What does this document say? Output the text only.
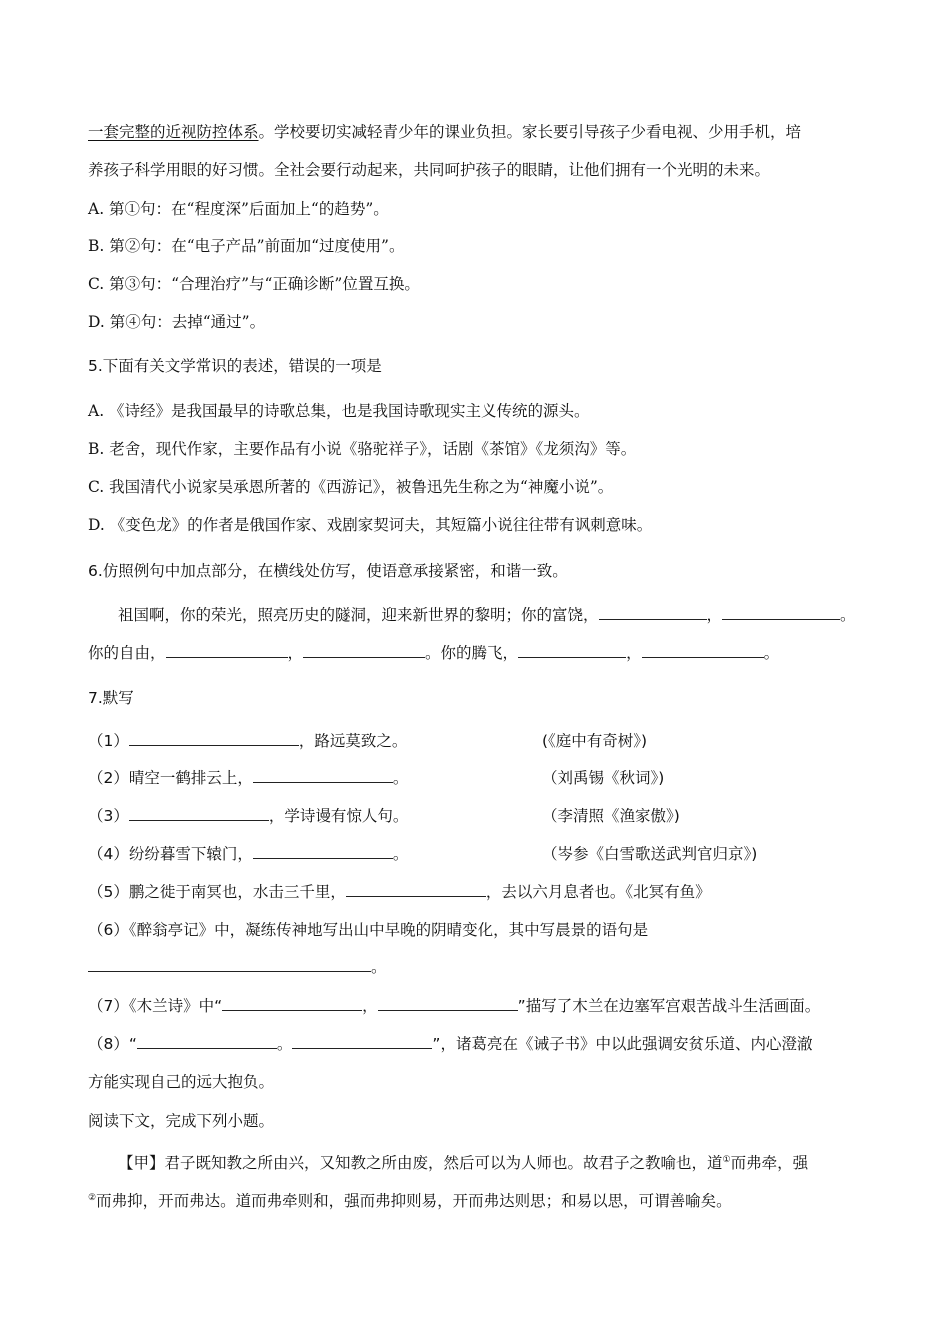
一套完整的近视防控体系。学校要切实减轻青少年的课业负担。家长要引导孩子少看电视、少用手机，培
养孩子科学用眼的好习惯。全社会要行动起来，共同呵护孩子的眼睛，让他们拥有一个光明的未来。
A. 第①句：在“程度深”后面加上“的趋势”。
B. 第②句：在“电子产品”前面加“过度使用”。
C. 第③句：“合理治疗”与“正确诊断”位置互换。
D. 第④句：去掉“通过”。
5.下面有关文学常识的表述，错误的一项是
A. 《诗经》是我国最早的诗歌总集，也是我国诗歌现实主义传统的源头。
B. 老舍，现代作家，主要作品有小说《骆驼祥子》，话剧《茶馆》《龙须沟》等。
C. 我国清代小说家吴承恩所著的《西游记》，被鲁迅先生称之为“神魔小说”。
D. 《变色龙》的作者是俄国作家、戏剧家契诃夫，其短篇小说往往带有讽刺意味。
6.仿照例句中加点部分，在横线处仿写，使语意承接紧密，和谐一致。
祖国啊，你的荣光，照亮历史的隧洞，迎来新世界的黎明；你的富饶，	，	。
你的自由，	，	。你的腾飞，	，	。
7.默写
（1）	，路远莫致之。	(《庭中有奇树》)
（2）晴空一鹤排云上，	。	（刘禹锡《秋词》)
（3）	，学诗谩有惊人句。	（李清照《渔家傲》)
（4）纷纷暮雪下辕门，	。	（岑参《白雪歌送武判官归京》)
（5）鹏之徙于南冥也，水击三千里，	，去以六月息者也。《北冥有鱼》
（6）《醉翁亭记》中，凝练传神地写出山中早晚的阴晴变化，其中写晨景的语句是
。
（7）《木兰诗》中“	，	”描写了木兰在边塞军宫艰苦战斗生活画面。
（8）“	。	”，诸葛亮在《诫子书》中以此强调安贫乐道、内心澄澈
方能实现自己的远大抱负。
阅读下文，完成下列小题。
【甲】君子既知教之所由兴，又知教之所由废，然后可以为人师也。故君子之教喻也，道①而弗牵，强
②而弗抑，开而弗达。道而弗牵则和，强而弗抑则易，开而弗达则思；和易以思，可谓善喻矣。
